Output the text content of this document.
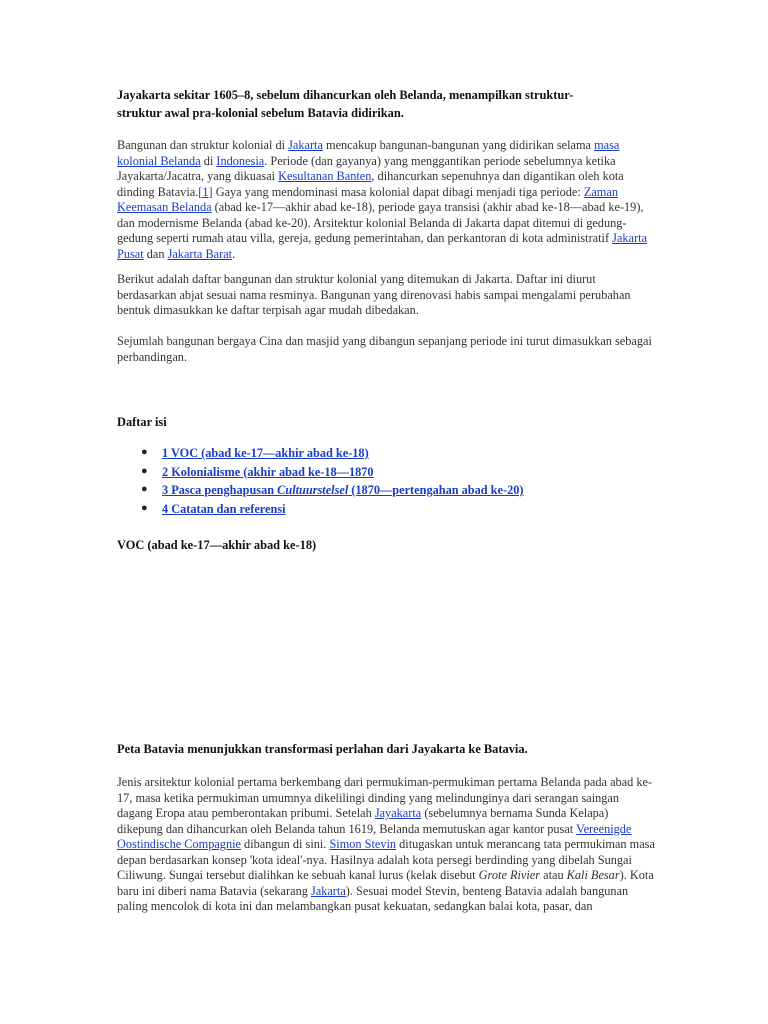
Jayakarta sekitar 1605–8, sebelum dihancurkan oleh Belanda, menampilkan struktur-
struktur awal pra-kolonial sebelum Batavia didirikan.

Bangunan dan struktur kolonial di Jakarta mencakup bangunan-bangunan yang didirikan selama masa kolonial Belanda di Indonesia. Periode (dan gayanya) yang menggantikan periode sebelumnya ketika Jayakarta/Jacatra, yang dikuasai Kesultanan Banten, dihancurkan sepenuhnya dan digantikan oleh kota dinding Batavia.[1] Gaya yang mendominasi masa kolonial dapat dibagi menjadi tiga periode: Zaman Keemasan Belanda (abad ke-17—akhir abad ke-18), periode gaya transisi (akhir abad ke-18—abad ke-19), dan modernisme Belanda (abad ke-20). Arsitektur kolonial Belanda di Jakarta dapat ditemui di gedung-gedung seperti rumah atau villa, gereja, gedung pemerintahan, dan perkantoran di kota administratif Jakarta Pusat dan Jakarta Barat.

Berikut adalah daftar bangunan dan struktur kolonial yang ditemukan di Jakarta. Daftar ini diurut berdasarkan abjat sesuai nama resminya. Bangunan yang direnovasi habis sampai mengalami perubahan bentuk dimasukkan ke daftar terpisah agar mudah dibedakan.

Sejumlah bangunan bergaya Cina dan masjid yang dibangun sepanjang periode ini turut dimasukkan sebagai perbandingan.

Daftar isi
● 1 VOC (abad ke-17—akhir abad ke-18)
● 2 Kolonialisme (akhir abad ke-18—1870
● 3 Pasca penghapusan Cultuurstelsel (1870—pertengahan abad ke-20)
● 4 Catatan dan referensi
VOC (abad ke-17—akhir abad ke-18)
Peta Batavia menunjukkan transformasi perlahan dari Jayakarta ke Batavia.

Jenis arsitektur kolonial pertama berkembang dari permukiman-permukiman pertama Belanda pada abad ke-17, masa ketika permukiman umumnya dikelilingi dinding yang melindunginya dari serangan saingan dagang Eropa atau pemberontakan pribumi. Setelah Jayakarta (sebelumnya bernama Sunda Kelapa) dikepung dan dihancurkan oleh Belanda tahun 1619, Belanda memutuskan agar kantor pusat Vereenigde Oostindische Compagnie dibangun di sini. Simon Stevin ditugaskan untuk merancang tata permukiman masa depan berdasarkan konsep 'kota ideal'-nya. Hasilnya adalah kota persegi berdinding yang dibelah Sungai Ciliwung. Sungai tersebut dialihkan ke sebuah kanal lurus (kelak disebut Grote Rivier atau Kali Besar). Kota baru ini diberi nama Batavia (sekarang Jakarta). Sesuai model Stevin, benteng Batavia adalah bangunan paling mencolok di kota ini dan melambangkan pusat kekuatan, sedangkan balai kota, pasar, dan
